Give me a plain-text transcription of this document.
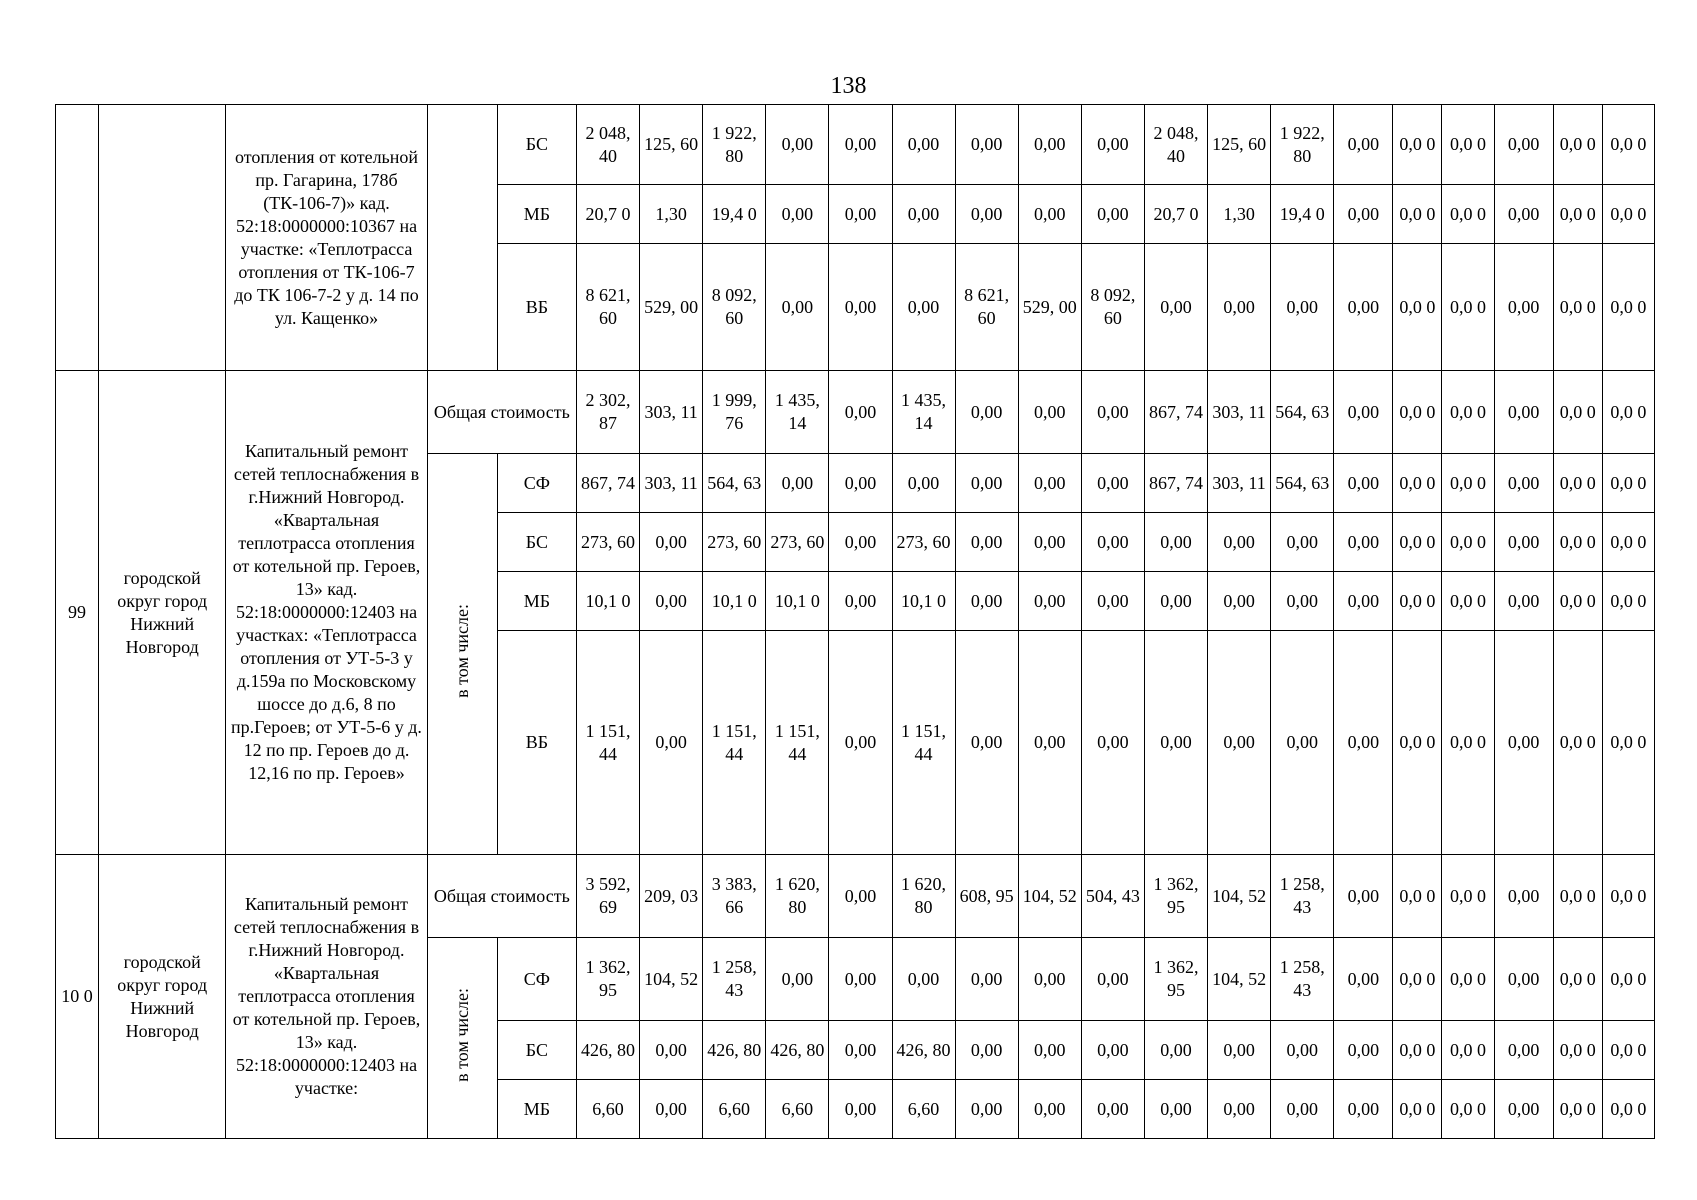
138
		отопления от котельной пр. Гагарина, 178б (ТК-106-7)» кад. 52:18:0000000:10367 на участке: «Теплотрасса отопления от ТК-106-7 до ТК 106-7-2 у д. 14 по ул. Кащенко»		БС	2 048, 40	125, 60	1 922, 80	0,00	0,00	0,00	0,00	0,00	0,00	2 048, 40	125, 60	1 922, 80	0,00	0,0 0	0,0 0	0,00	0,0 0	0,0 0
				МБ	20,7 0	1,30	19,4 0	0,00	0,00	0,00	0,00	0,00	0,00	20,7 0	1,30	19,4 0	0,00	0,0 0	0,0 0	0,00	0,0 0	0,0 0
				ВБ	8 621, 60	529, 00	8 092, 60	0,00	0,00	0,00	8 621, 60	529, 00	8 092, 60	0,00	0,00	0,00	0,00	0,0 0	0,0 0	0,00	0,0 0	0,0 0
99	городской округ город Нижний Новгород	Капитальный ремонт сетей теплоснабжения в г.Нижний Новгород. «Квартальная теплотрасса отопления от котельной пр. Героев, 13» кад. 52:18:0000000:12403 на участках: «Теплотрасса отопления от УТ-5-3 у д.159а по Московскому шоссе до д.6, 8 по пр.Героев; от УТ-5-6 у д. 12 по пр. Героев до д. 12,16 по пр. Героев»	Общая стоимость		2 302, 87	303, 11	1 999, 76	1 435, 14	0,00	1 435, 14	0,00	0,00	0,00	867, 74	303, 11	564, 63	0,00	0,0 0	0,0 0	0,00	0,0 0	0,0 0
			в том числе:	СФ	867, 74	303, 11	564, 63	0,00	0,00	0,00	0,00	0,00	0,00	867, 74	303, 11	564, 63	0,00	0,0 0	0,0 0	0,00	0,0 0	0,0 0
				БС	273, 60	0,00	273, 60	273, 60	0,00	273, 60	0,00	0,00	0,00	0,00	0,00	0,00	0,00	0,0 0	0,0 0	0,00	0,0 0	0,0 0
				МБ	10,1 0	0,00	10,1 0	10,1 0	0,00	10,1 0	0,00	0,00	0,00	0,00	0,00	0,00	0,00	0,0 0	0,0 0	0,00	0,0 0	0,0 0
				ВБ	1 151, 44	0,00	1 151, 44	1 151, 44	0,00	1 151, 44	0,00	0,00	0,00	0,00	0,00	0,00	0,00	0,0 0	0,0 0	0,00	0,0 0	0,0 0
10 0	городской округ город Нижний Новгород	Капитальный ремонт сетей теплоснабжения в г.Нижний Новгород. «Квартальная теплотрасса отопления от котельной пр. Героев, 13» кад. 52:18:0000000:12403 на участке:	Общая стоимость		3 592, 69	209, 03	3 383, 66	1 620, 80	0,00	1 620, 80	608, 95	104, 52	504, 43	1 362, 95	104, 52	1 258, 43	0,00	0,0 0	0,0 0	0,00	0,0 0	0,0 0
			в том числе:	СФ	1 362, 95	104, 52	1 258, 43	0,00	0,00	0,00	0,00	0,00	0,00	1 362, 95	104, 52	1 258, 43	0,00	0,0 0	0,0 0	0,00	0,0 0	0,0 0
				БС	426, 80	0,00	426, 80	426, 80	0,00	426, 80	0,00	0,00	0,00	0,00	0,00	0,00	0,00	0,0 0	0,0 0	0,00	0,0 0	0,0 0
				МБ	6,60	0,00	6,60	6,60	0,00	6,60	0,00	0,00	0,00	0,00	0,00	0,00	0,00	0,0 0	0,0 0	0,00	0,0 0	0,0 0
